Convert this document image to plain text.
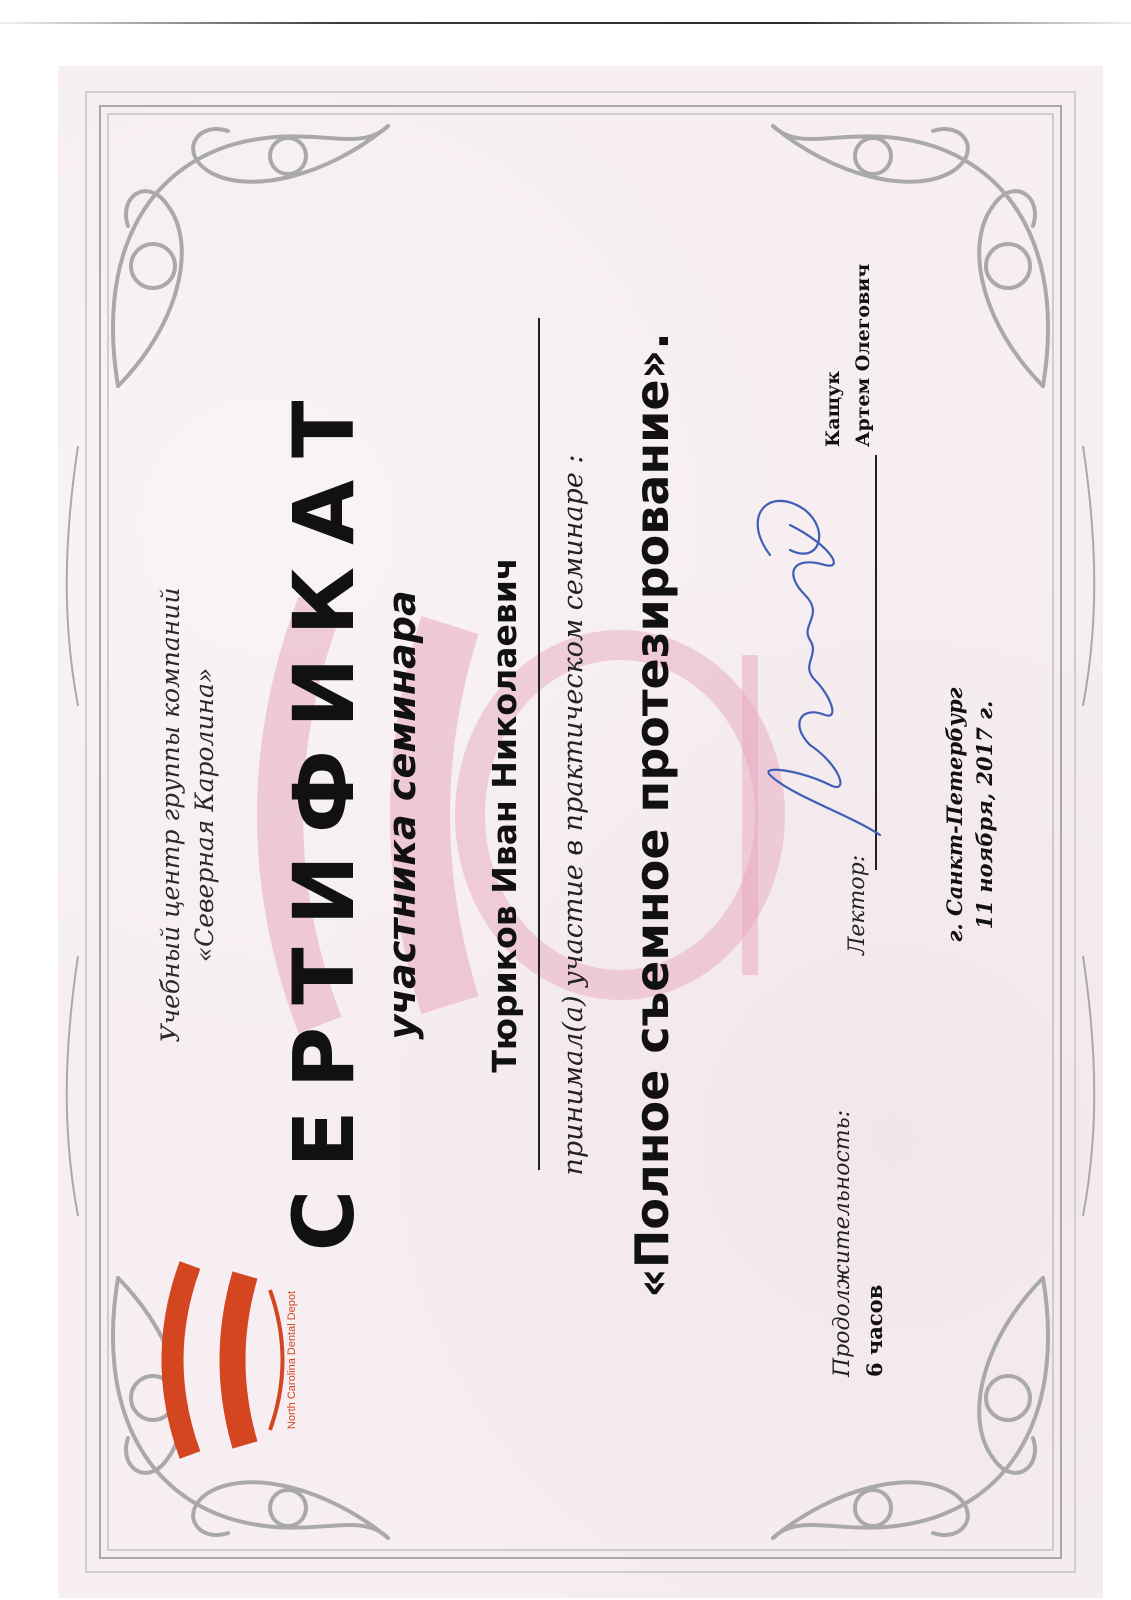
North Carolina Dental Depot
Учебный центр группы компаний «Северная Каролина» СЕРТИФИКАТ участника семинара Тюриков Иван Николаевич принимал(а) участие в практическом семинаре : «Полное съемное протезирование».	Продолжительность: 6 часов
Лектор:
Кащук Артем Олегович
г. Санкт-Петербург 11 ноября, 2017 г.
